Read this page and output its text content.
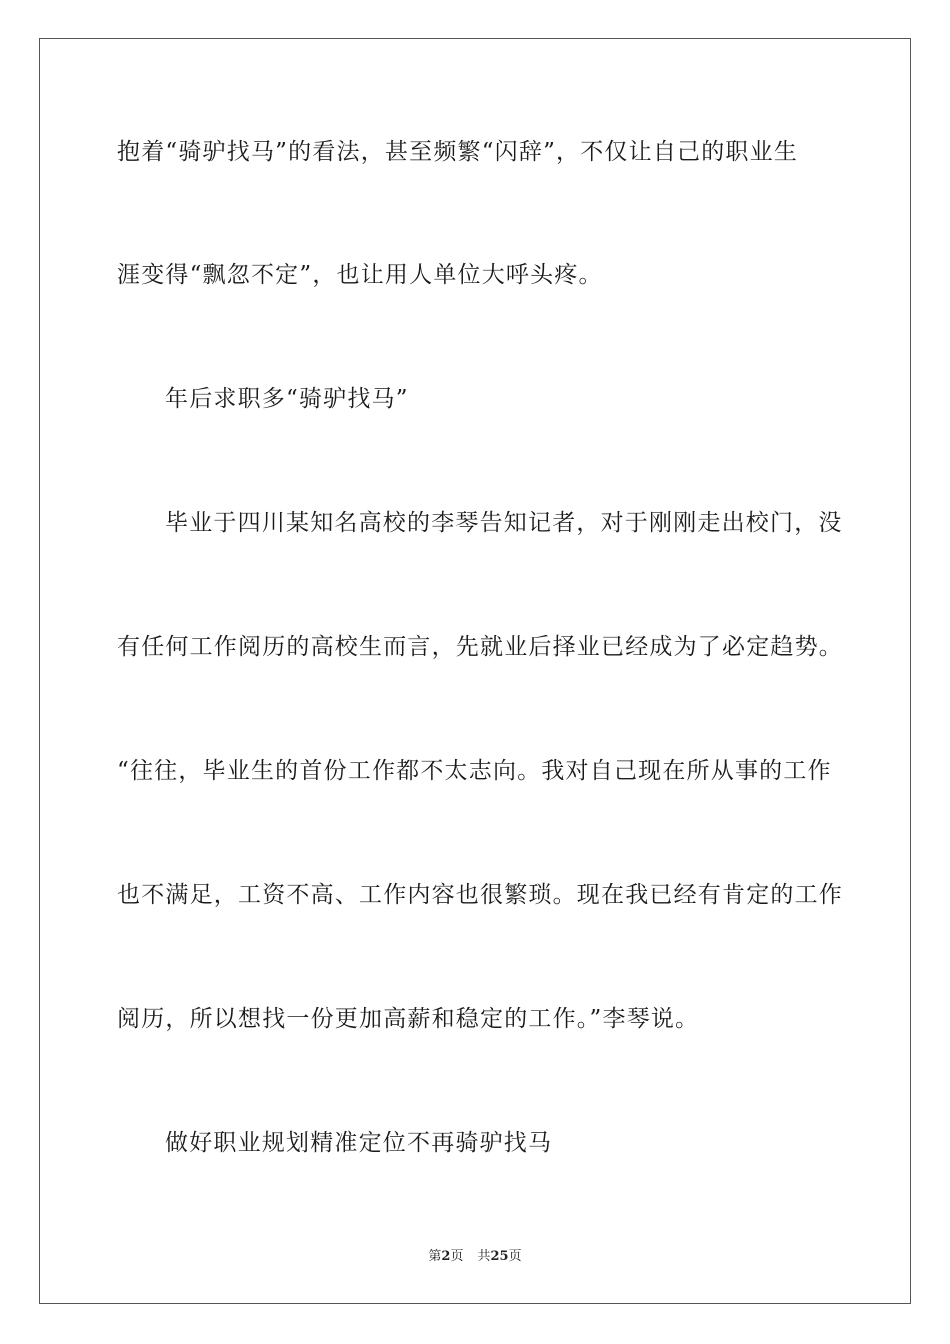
抱着“骑驴找马”的看法，甚至频繁“闪辞”，不仅让自己的职业生
涯变得“飘忽不定”，也让用人单位大呼头疼。
年后求职多“骑驴找马”
毕业于四川某知名高校的李琴告知记者，对于刚刚走出校门，没
有任何工作阅历的高校生而言，先就业后择业已经成为了必定趋势。
“往往，毕业生的首份工作都不太志向。我对自己现在所从事的工作
也不满足，工资不高、工作内容也很繁琐。现在我已经有肯定的工作
阅历，所以想找一份更加高薪和稳定的工作。”李琴说。
做好职业规划精准定位不再骑驴找马
第2页 共25页
